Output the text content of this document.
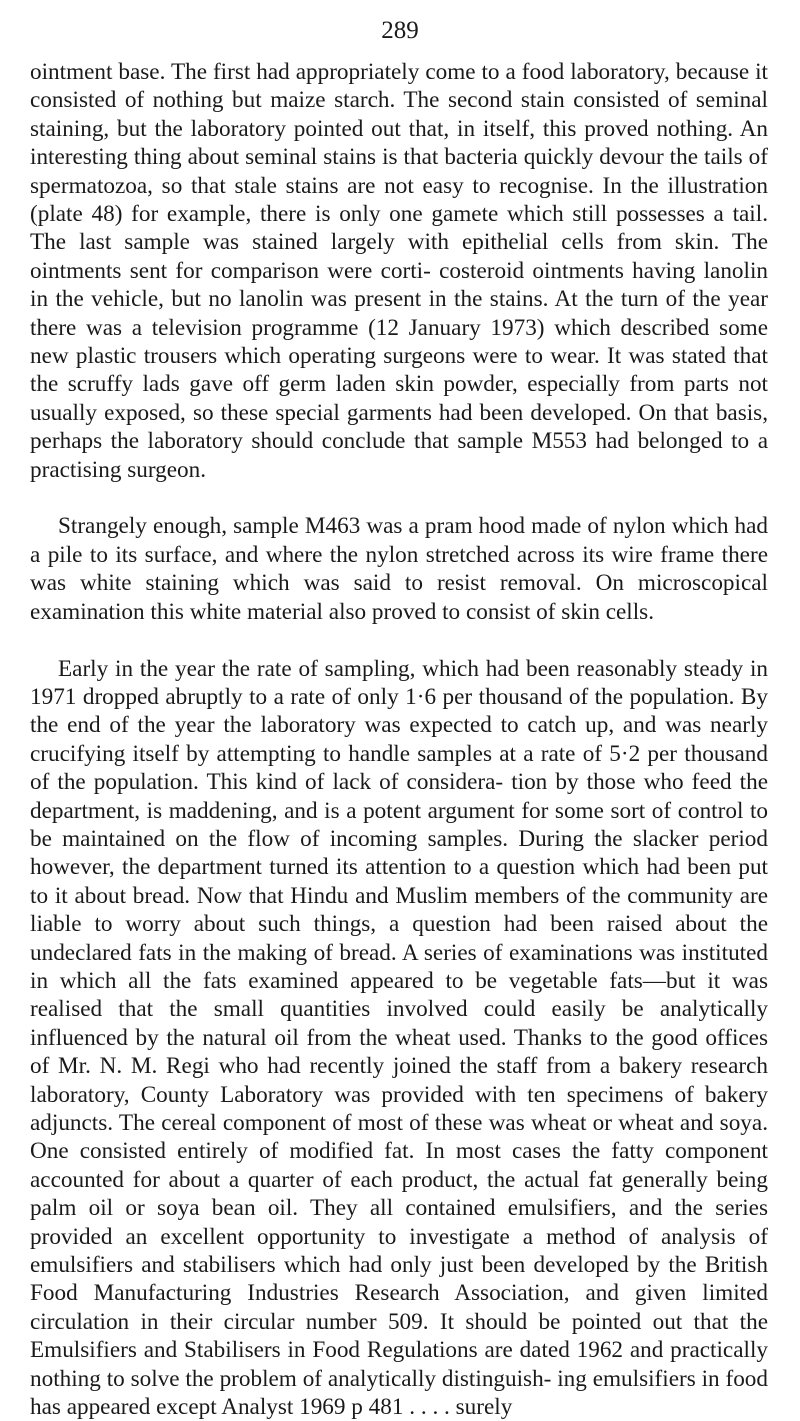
289

ointment base. The first had appropriately come to a food laboratory, because it consisted of nothing but maize starch. The second stain consisted of seminal staining, but the laboratory pointed out that, in itself, this proved nothing. An interesting thing about seminal stains is that bacteria quickly devour the tails of spermatozoa, so that stale stains are not easy to recognise. In the illustration (plate 48) for example, there is only one gamete which still possesses a tail. The last sample was stained largely with epithelial cells from skin. The ointments sent for comparison were corti- costeroid ointments having lanolin in the vehicle, but no lanolin was present in the stains. At the turn of the year there was a television programme (12 January 1973) which described some new plastic trousers which operating surgeons were to wear. It was stated that the scruffy lads gave off germ laden skin powder, especially from parts not usually exposed, so these special garments had been developed. On that basis, perhaps the laboratory should conclude that sample M553 had belonged to a practising surgeon.

Strangely enough, sample M463 was a pram hood made of nylon which had a pile to its surface, and where the nylon stretched across its wire frame there was white staining which was said to resist removal. On microscopical examination this white material also proved to consist of skin cells.

Early in the year the rate of sampling, which had been reasonably steady in 1971 dropped abruptly to a rate of only 1·6 per thousand of the population. By the end of the year the laboratory was expected to catch up, and was nearly crucifying itself by attempting to handle samples at a rate of 5·2 per thousand of the population. This kind of lack of considera- tion by those who feed the department, is maddening, and is a potent argument for some sort of control to be maintained on the flow of incoming samples. During the slacker period however, the department turned its attention to a question which had been put to it about bread. Now that Hindu and Muslim members of the community are liable to worry about such things, a question had been raised about the undeclared fats in the making of bread. A series of examinations was instituted in which all the fats examined appeared to be vegetable fats—but it was realised that the small quantities involved could easily be analytically influenced by the natural oil from the wheat used. Thanks to the good offices of Mr. N. M. Regi who had recently joined the staff from a bakery research laboratory, County Laboratory was provided with ten specimens of bakery adjuncts. The cereal component of most of these was wheat or wheat and soya. One consisted entirely of modified fat. In most cases the fatty component accounted for about a quarter of each product, the actual fat generally being palm oil or soya bean oil. They all contained emulsifiers, and the series provided an excellent opportunity to investigate a method of analysis of emulsifiers and stabilisers which had only just been developed by the British Food Manufacturing Industries Research Association, and given limited circulation in their circular number 509. It should be pointed out that the Emulsifiers and Stabilisers in Food Regulations are dated 1962 and practically nothing to solve the problem of analytically distinguish- ing emulsifiers in food has appeared except Analyst 1969 p 481 . . . . surely
